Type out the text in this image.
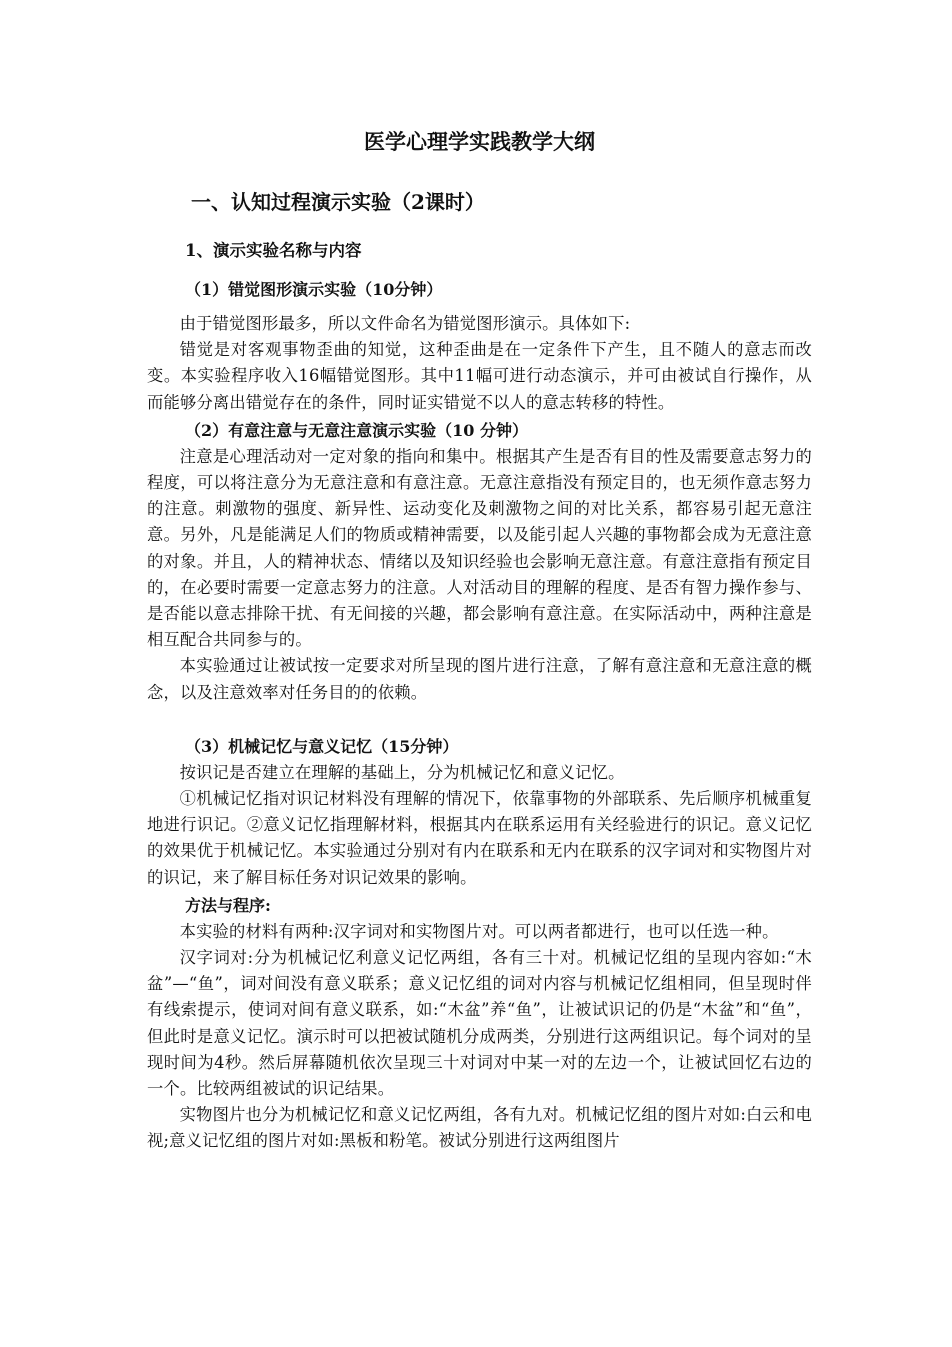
医学心理学实践教学大纲
一、认知过程演示实验（2课时）
1、演示实验名称与内容
（1）错觉图形演示实验（10分钟）

由于错觉图形最多，所以文件命名为错觉图形演示。具体如下:

错觉是对客观事物歪曲的知觉，这种歪曲是在一定条件下产生，且不随人的意志而改变。本实验程序收入16幅错觉图形。其中11幅可进行动态演示，并可由被试自行操作，从而能够分离出错觉存在的条件，同时证实错觉不以人的意志转移的特性。

（2）有意注意与无意注意演示实验（10 分钟）

注意是心理活动对一定对象的指向和集中。根据其产生是否有目的性及需要意志努力的程度，可以将注意分为无意注意和有意注意。无意注意指没有预定目的，也无须作意志努力的注意。刺激物的强度、新异性、运动变化及刺激物之间的对比关系，都容易引起无意注意。另外，凡是能满足人们的物质或精神需要，以及能引起人兴趣的事物都会成为无意注意的对象。并且，人的精神状态、情绪以及知识经验也会影响无意注意。有意注意指有预定目的，在必要时需要一定意志努力的注意。人对活动目的理解的程度、是否有智力操作参与、是否能以意志排除干扰、有无间接的兴趣，都会影响有意注意。在实际活动中，两种注意是相互配合共同参与的。

本实验通过让被试按一定要求对所呈现的图片进行注意，了解有意注意和无意注意的概念，以及注意效率对任务目的的依赖。

（3）机械记忆与意义记忆（15分钟）

按识记是否建立在理解的基础上，分为机械记忆和意义记忆。

①机械记忆指对识记材料没有理解的情况下，依靠事物的外部联系、先后顺序机械重复地进行识记。②意义记忆指理解材料，根据其内在联系运用有关经验进行的识记。意义记忆的效果优于机械记忆。本实验通过分别对有内在联系和无内在联系的汉字词对和实物图片对的识记，来了解目标任务对识记效果的影响。

方法与程序:

本实验的材料有两种:汉字词对和实物图片对。可以两者都进行，也可以任选一种。

汉字词对:分为机械记忆利意义记忆两组，各有三十对。机械记忆组的呈现内容如:“木盆”—“鱼”，词对间没有意义联系；意义记忆组的词对内容与机械记忆组相同，但呈现时伴有线索提示，使词对间有意义联系，如:“木盆”养“鱼”，让被试识记的仍是“木盆”和“鱼”，但此时是意义记忆。演示时可以把被试随机分成两类，分别进行这两组识记。每个词对的呈现时间为4秒。然后屏幕随机依次呈现三十对词对中某一对的左边一个，让被试回忆右边的一个。比较两组被试的识记结果。

实物图片也分为机械记忆和意义记忆两组，各有九对。机械记忆组的图片对如:白云和电视;意义记忆组的图片对如:黑板和粉笔。被试分别进行这两组图片
